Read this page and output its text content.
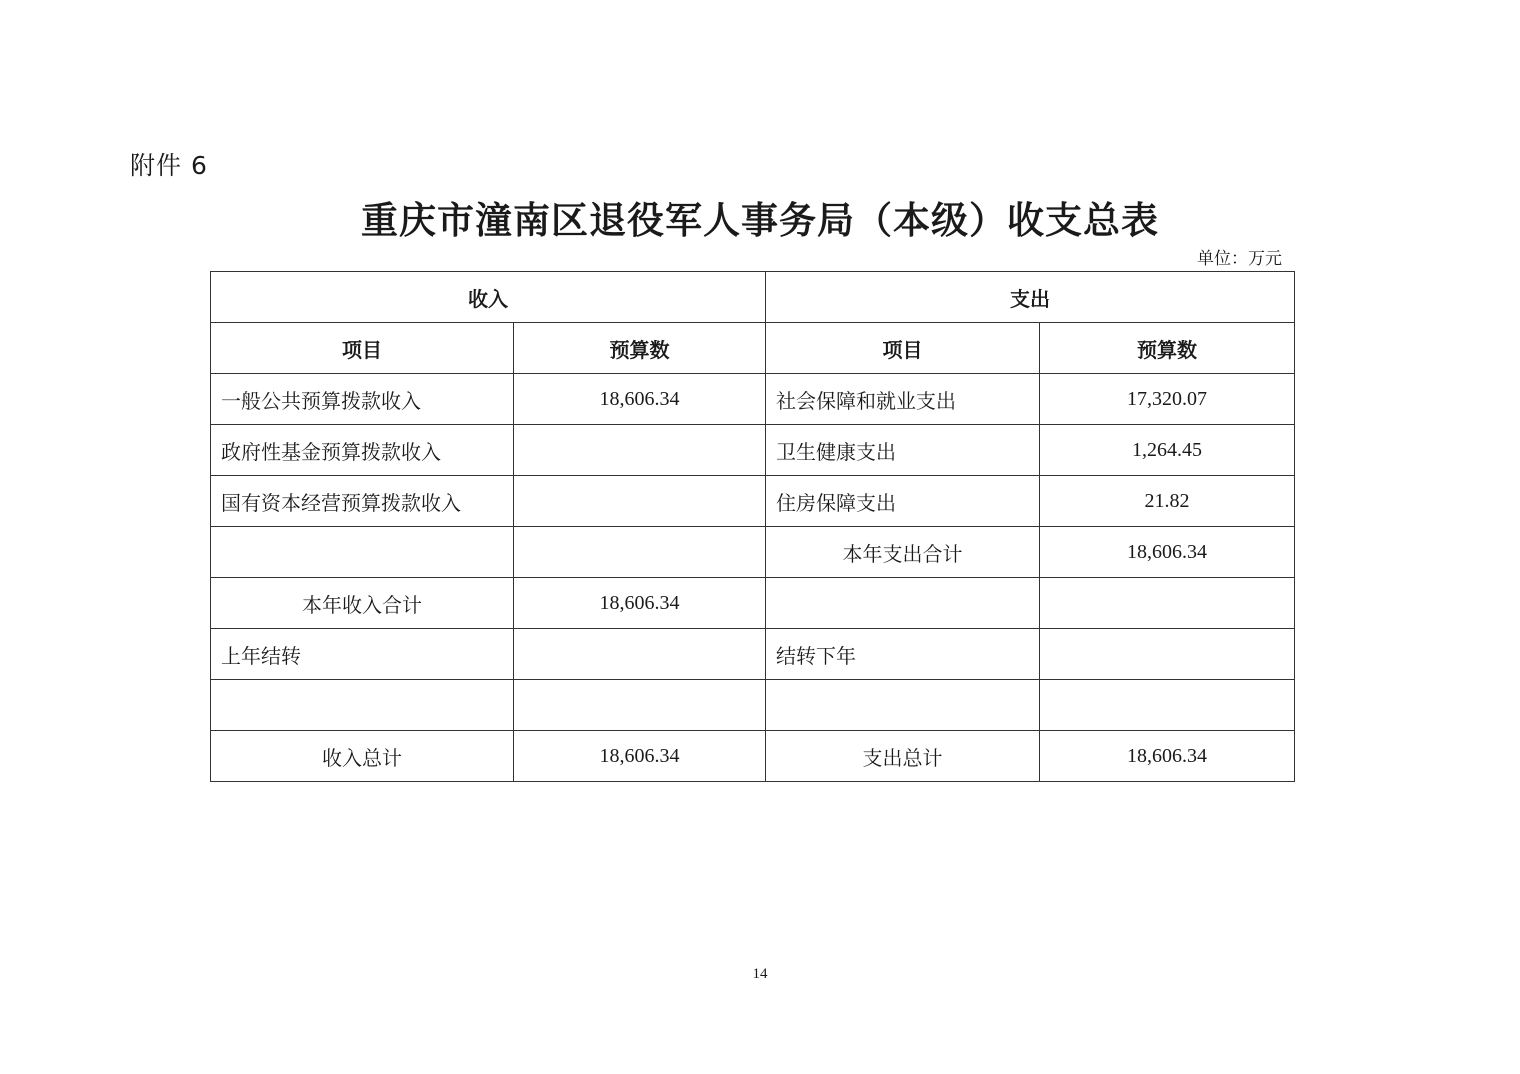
附件 6
重庆市潼南区退役军人事务局（本级）收支总表
单位：万元
收入		支出	
项目	预算数	项目	预算数
一般公共预算拨款收入	18,606.34	社会保障和就业支出	17,320.07
政府性基金预算拨款收入		卫生健康支出	1,264.45
国有资本经营预算拨款收入		住房保障支出	21.82
		本年支出合计	18,606.34
本年收入合计	18,606.34		
上年结转		结转下年	

收入总计	18,606.34	支出总计	18,606.34
14
